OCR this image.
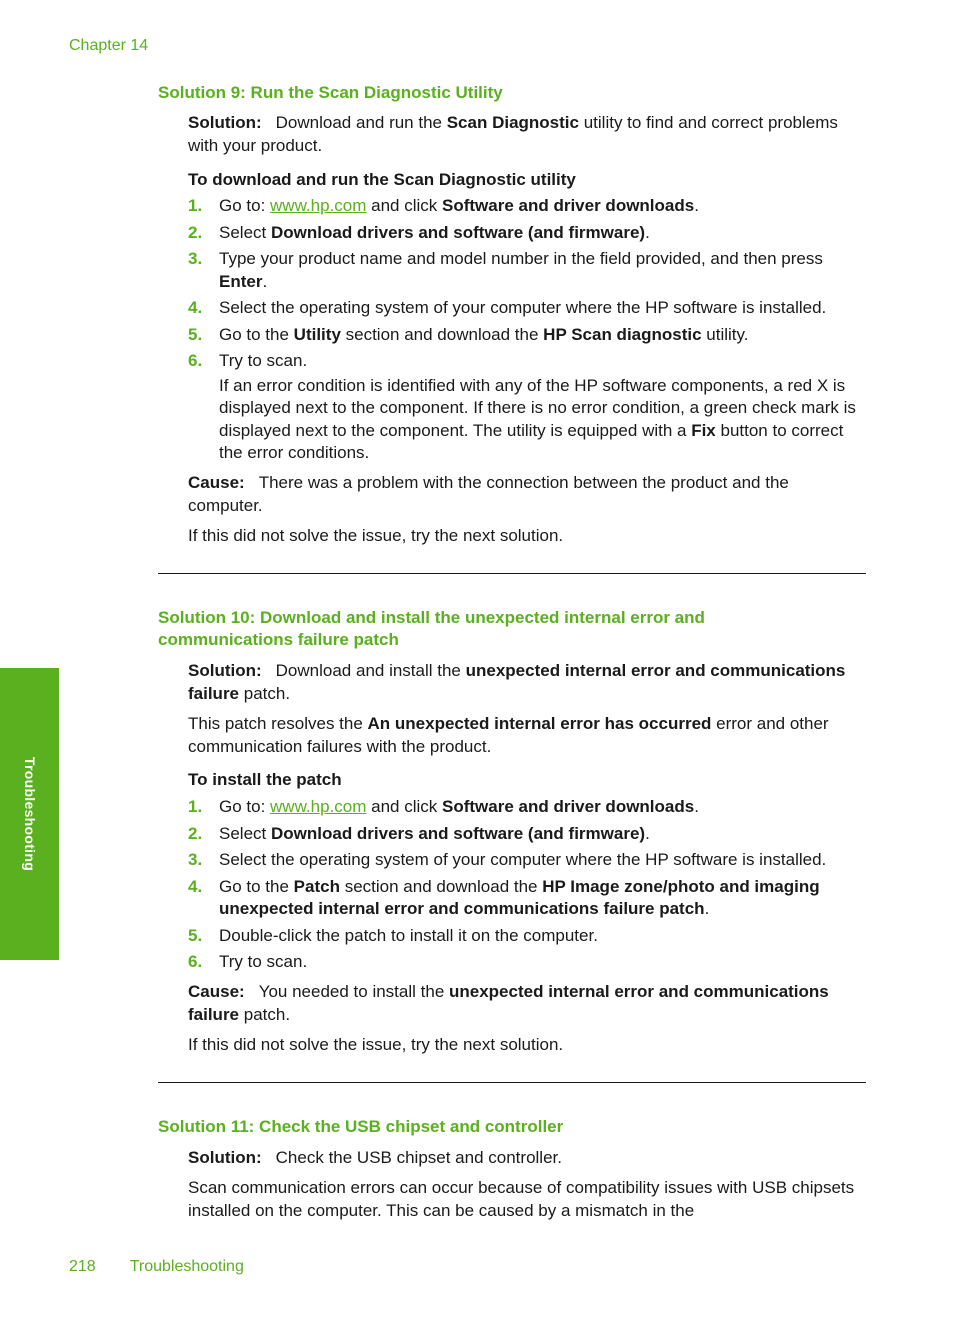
Chapter 14
Troubleshooting
Solution 9: Run the Scan Diagnostic Utility
Solution: Download and run the Scan Diagnostic utility to find and correct problems with your product.
To download and run the Scan Diagnostic utility
1. Go to: www.hp.com and click Software and driver downloads.
2. Select Download drivers and software (and firmware).
3. Type your product name and model number in the field provided, and then press Enter.
4. Select the operating system of your computer where the HP software is installed.
5. Go to the Utility section and download the HP Scan diagnostic utility.
6. Try to scan.
If an error condition is identified with any of the HP software components, a red X is displayed next to the component. If there is no error condition, a green check mark is displayed next to the component. The utility is equipped with a Fix button to correct the error conditions.
Cause: There was a problem with the connection between the product and the computer.
If this did not solve the issue, try the next solution.
Solution 10: Download and install the unexpected internal error and communications failure patch
Solution: Download and install the unexpected internal error and communications failure patch.
This patch resolves the An unexpected internal error has occurred error and other communication failures with the product.
To install the patch
1. Go to: www.hp.com and click Software and driver downloads.
2. Select Download drivers and software (and firmware).
3. Select the operating system of your computer where the HP software is installed.
4. Go to the Patch section and download the HP Image zone/photo and imaging unexpected internal error and communications failure patch.
5. Double-click the patch to install it on the computer.
6. Try to scan.
Cause: You needed to install the unexpected internal error and communications failure patch.
If this did not solve the issue, try the next solution.
Solution 11: Check the USB chipset and controller
Solution: Check the USB chipset and controller.
Scan communication errors can occur because of compatibility issues with USB chipsets installed on the computer. This can be caused by a mismatch in the
218 Troubleshooting
